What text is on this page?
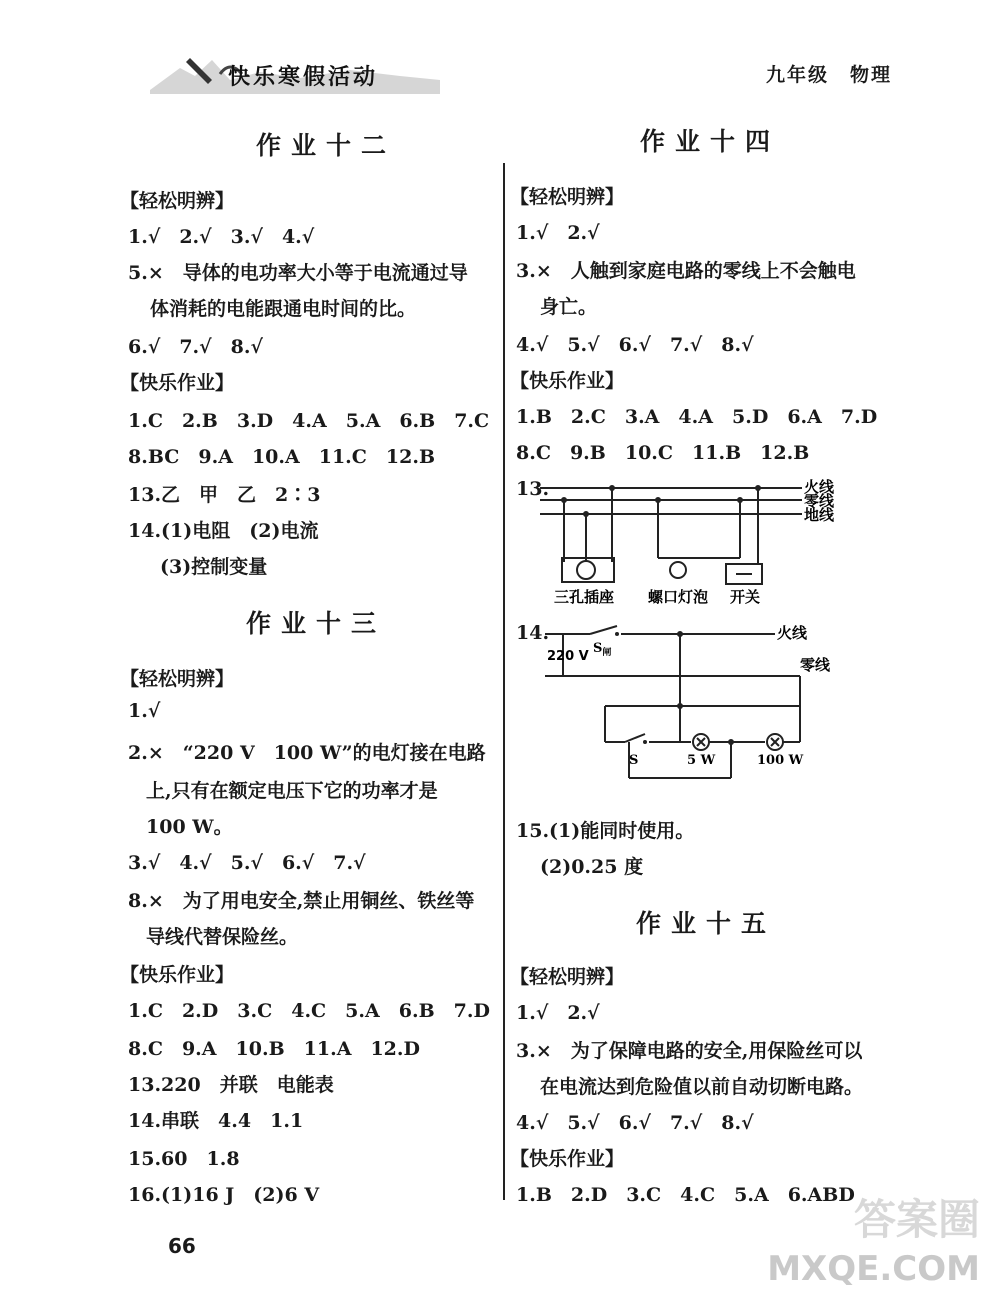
快乐寒假活动	九年级　物理
作业十二
【轻松明辨】
1.√　2.√　3.√　4.√
5.×　导体的电功率大小等于电流通过导
体消耗的电能跟通电时间的比。
6.√　7.√　8.√
【快乐作业】
1.C　2.B　3.D　4.A　5.A　6.B　7.C
8.BC　9.A　10.A　11.C　12.B
13.乙　甲　乙　2∶3
14.(1)电阻　(2)电流
(3)控制变量
作业十三
【轻松明辨】
1.√
2.×　“220 V　100 W”的电灯接在电路
上,只有在额定电压下它的功率才是
100 W。
3.√　4.√　5.√　6.√　7.√
8.×　为了用电安全,禁止用铜丝、铁丝等
导线代替保险丝。
【快乐作业】
1.C　2.D　3.C　4.C　5.A　6.B　7.D
8.C　9.A　10.B　11.A　12.D
13.220　并联　电能表
14.串联　4.4　1.1
15.60　1.8
16.(1)16 J　(2)6 V
作业十四
【轻松明辨】
1.√　2.√
3.×　人触到家庭电路的零线上不会触电
身亡。
4.√　5.√　6.√　7.√　8.√
【快乐作业】
1.B　2.C　3.A　4.A　5.D　6.A　7.D
8.C　9.B　10.C　11.B　12.B
13.	火线
零线
地线
三孔插座 螺口灯泡 开关
14.	火线
零线
220 V
$S_闸$
S	5 W	100 W
15.(1)能同时使用。
(2)0.25 度
作业十五
【轻松明辨】
1.√　2.√
3.×　为了保障电路的安全,用保险丝可以
在电流达到危险值以前自动切断电路。
4.√　5.√　6.√　7.√　8.√
【快乐作业】
1.B　2.D　3.C　4.C　5.A　6.ABD
66
答案圈
MXQE.COM
